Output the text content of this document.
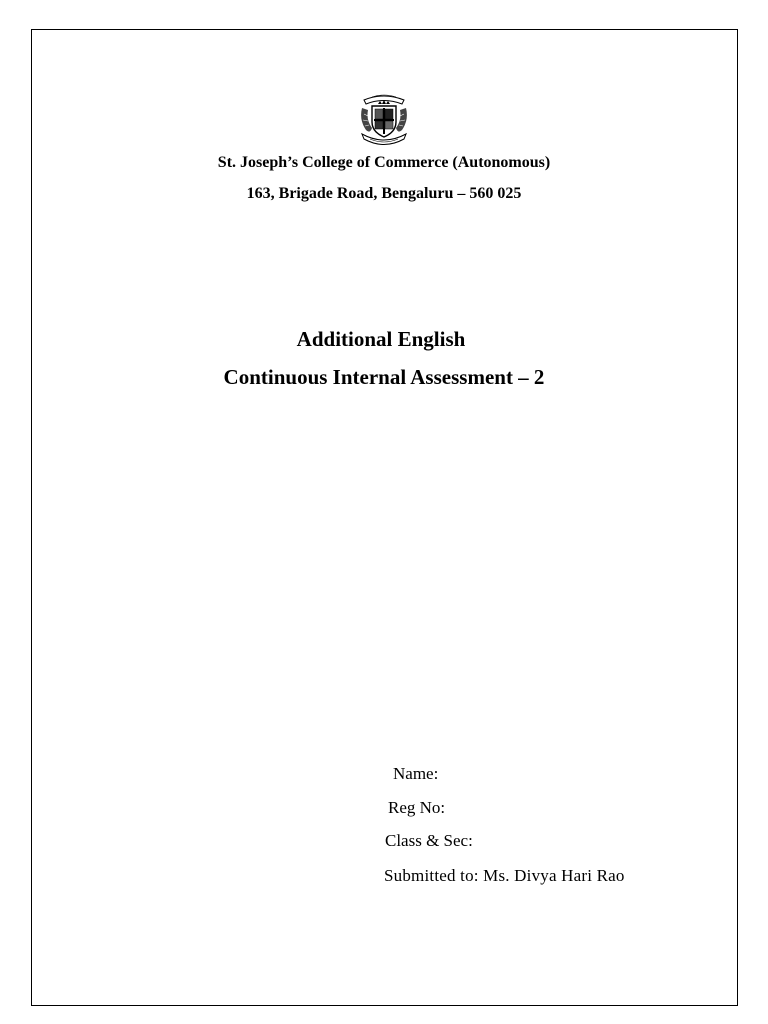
St. Joseph’s College of Commerce (Autonomous)
163, Brigade Road, Bengaluru – 560 025
Additional English
Continuous Internal Assessment – 2
Name:
Reg No:
Class & Sec:
Submitted to: Ms. Divya Hari Rao
